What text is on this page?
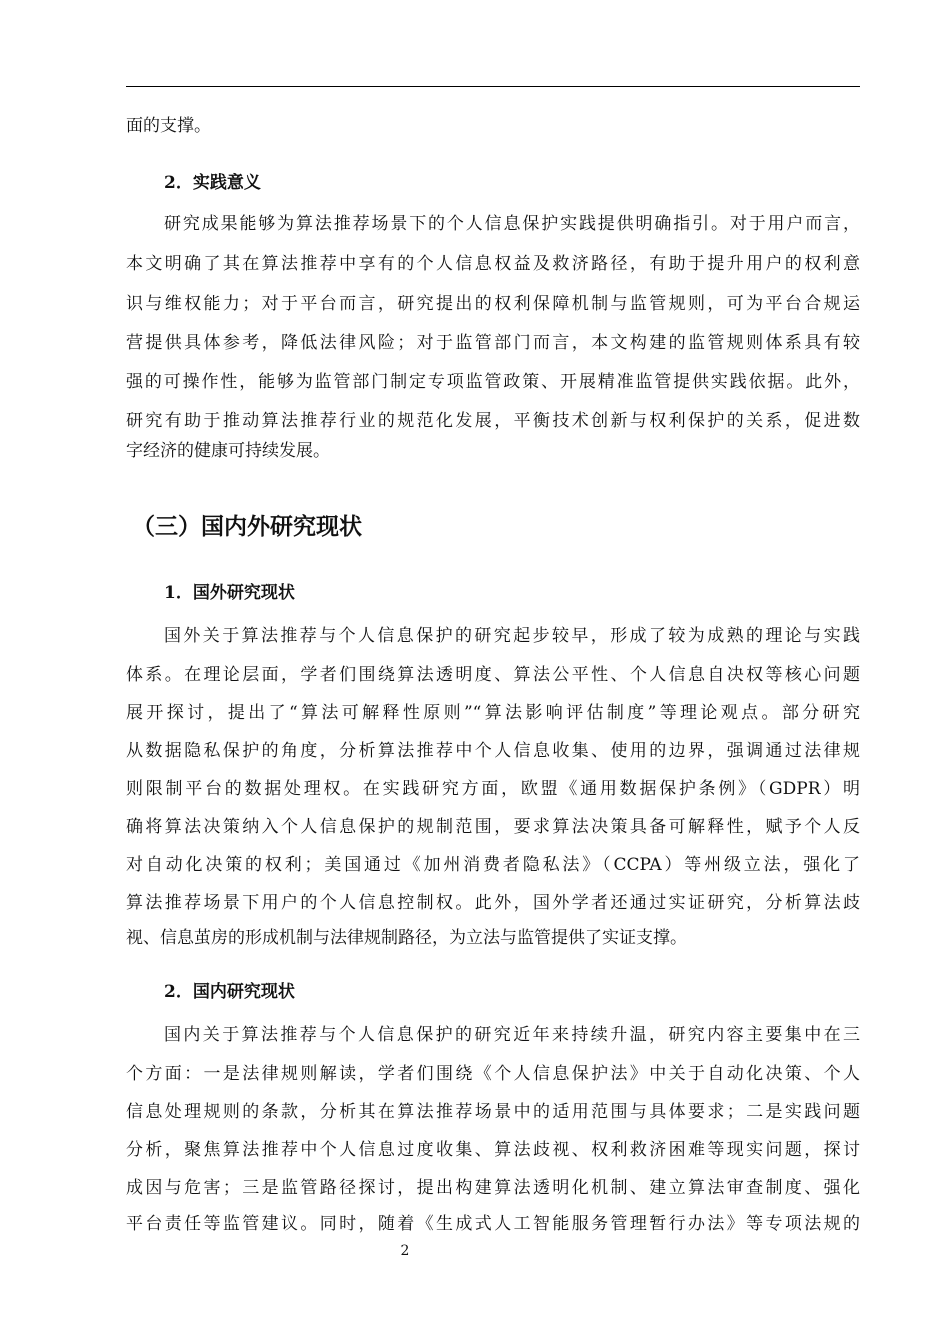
面的支撑。
2．实践意义
研究成果能够为算法推荐场景下的个人信息保护实践提供明确指引。对于用户而言，
本文明确了其在算法推荐中享有的个人信息权益及救济路径，有助于提升用户的权利意
识与维权能力；对于平台而言，研究提出的权利保障机制与监管规则，可为平台合规运
营提供具体参考，降低法律风险；对于监管部门而言，本文构建的监管规则体系具有较
强的可操作性，能够为监管部门制定专项监管政策、开展精准监管提供实践依据。此外，
研究有助于推动算法推荐行业的规范化发展，平衡技术创新与权利保护的关系，促进数
字经济的健康可持续发展。
（三）国内外研究现状
1．国外研究现状
国外关于算法推荐与个人信息保护的研究起步较早，形成了较为成熟的理论与实践
体系。在理论层面，学者们围绕算法透明度、算法公平性、个人信息自决权等核心问题
展开探讨，提出了“算法可解释性原则”“算法影响评估制度”等理论观点。部分研究
从数据隐私保护的角度，分析算法推荐中个人信息收集、使用的边界，强调通过法律规
则限制平台的数据处理权。在实践研究方面，欧盟《通用数据保护条例》（GDPR）明
确将算法决策纳入个人信息保护的规制范围，要求算法决策具备可解释性，赋予个人反
对自动化决策的权利；美国通过《加州消费者隐私法》（CCPA）等州级立法，强化了
算法推荐场景下用户的个人信息控制权。此外，国外学者还通过实证研究，分析算法歧
视、信息茧房的形成机制与法律规制路径，为立法与监管提供了实证支撑。
2．国内研究现状
国内关于算法推荐与个人信息保护的研究近年来持续升温，研究内容主要集中在三
个方面：一是法律规则解读，学者们围绕《个人信息保护法》中关于自动化决策、个人
信息处理规则的条款，分析其在算法推荐场景中的适用范围与具体要求；二是实践问题
分析，聚焦算法推荐中个人信息过度收集、算法歧视、权利救济困难等现实问题，探讨
成因与危害；三是监管路径探讨，提出构建算法透明化机制、建立算法审查制度、强化
平台责任等监管建议。同时，随着《生成式人工智能服务管理暂行办法》等专项法规的
2
